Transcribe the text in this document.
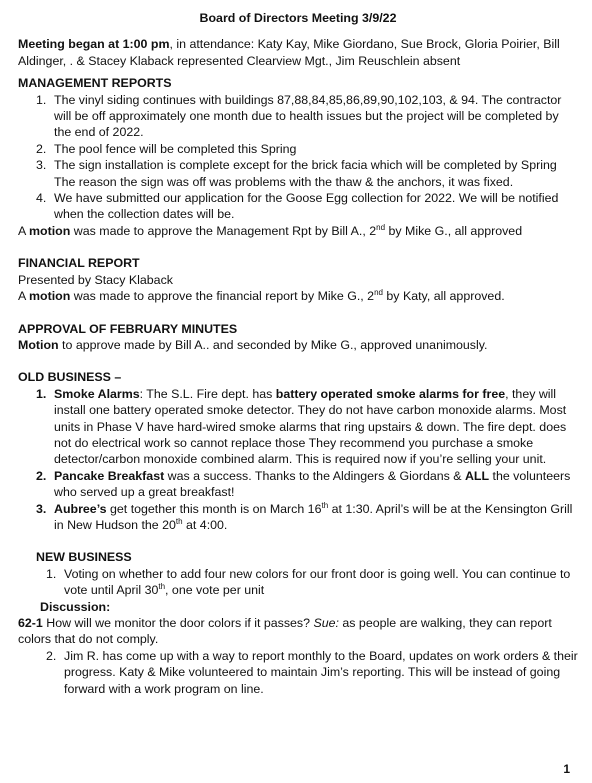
Board of Directors Meeting 3/9/22

Meeting began at 1:00 pm, in attendance: Katy Kay, Mike Giordano, Sue Brock, Gloria Poirier, Bill Aldinger, . & Stacey Klaback represented Clearview Mgt., Jim Reuschlein absent

MANAGEMENT REPORTS
1. The vinyl siding continues with buildings 87,88,84,85,86,89,90,102,103, & 94. The contractor will be off approximately one month due to health issues but the project will be completed by the end of 2022.
2. The pool fence will be completed this Spring
3. The sign installation is complete except for the brick facia which will be completed by Spring The reason the sign was off was problems with the thaw & the anchors, it was fixed.
4. We have submitted our application for the Goose Egg collection for 2022. We will be notified when the collection dates will be.

A motion was made to approve the Management Rpt by Bill A., 2nd by Mike G., all approved

FINANCIAL REPORT

Presented by Stacy Klaback

A motion was made to approve the financial report by Mike G., 2nd by Katy, all approved.

APPROVAL OF FEBRUARY MINUTES

Motion to approve made by Bill A.. and seconded by Mike G., approved unanimously.

OLD BUSINESS –
1. Smoke Alarms: The S.L. Fire dept. has battery operated smoke alarms for free, they will install one battery operated smoke detector. They do not have carbon monoxide alarms. Most units in Phase V have hard-wired smoke alarms that ring upstairs & down. The fire dept. does not do electrical work so cannot replace those They recommend you purchase a smoke detector/carbon monoxide combined alarm. This is required now if you’re selling your unit.
2. Pancake Breakfast was a success. Thanks to the Aldingers & Giordans & ALL the volunteers who served up a great breakfast!
3. Aubree’s get together this month is on March 16th at 1:30. April’s will be at the Kensington Grill in New Hudson the 20th at 4:00.
NEW BUSINESS
1. Voting on whether to add four new colors for our front door is going well. You can continue to vote until April 30th, one vote per unit
Discussion:

62-1 How will we monitor the door colors if it passes? Sue: as people are walking, they can report colors that do not comply.

2. Jim R. has come up with a way to report monthly to the Board, updates on work orders & their progress. Katy & Mike volunteered to maintain Jim’s reporting. This will be instead of going forward with a work program on line.
1
